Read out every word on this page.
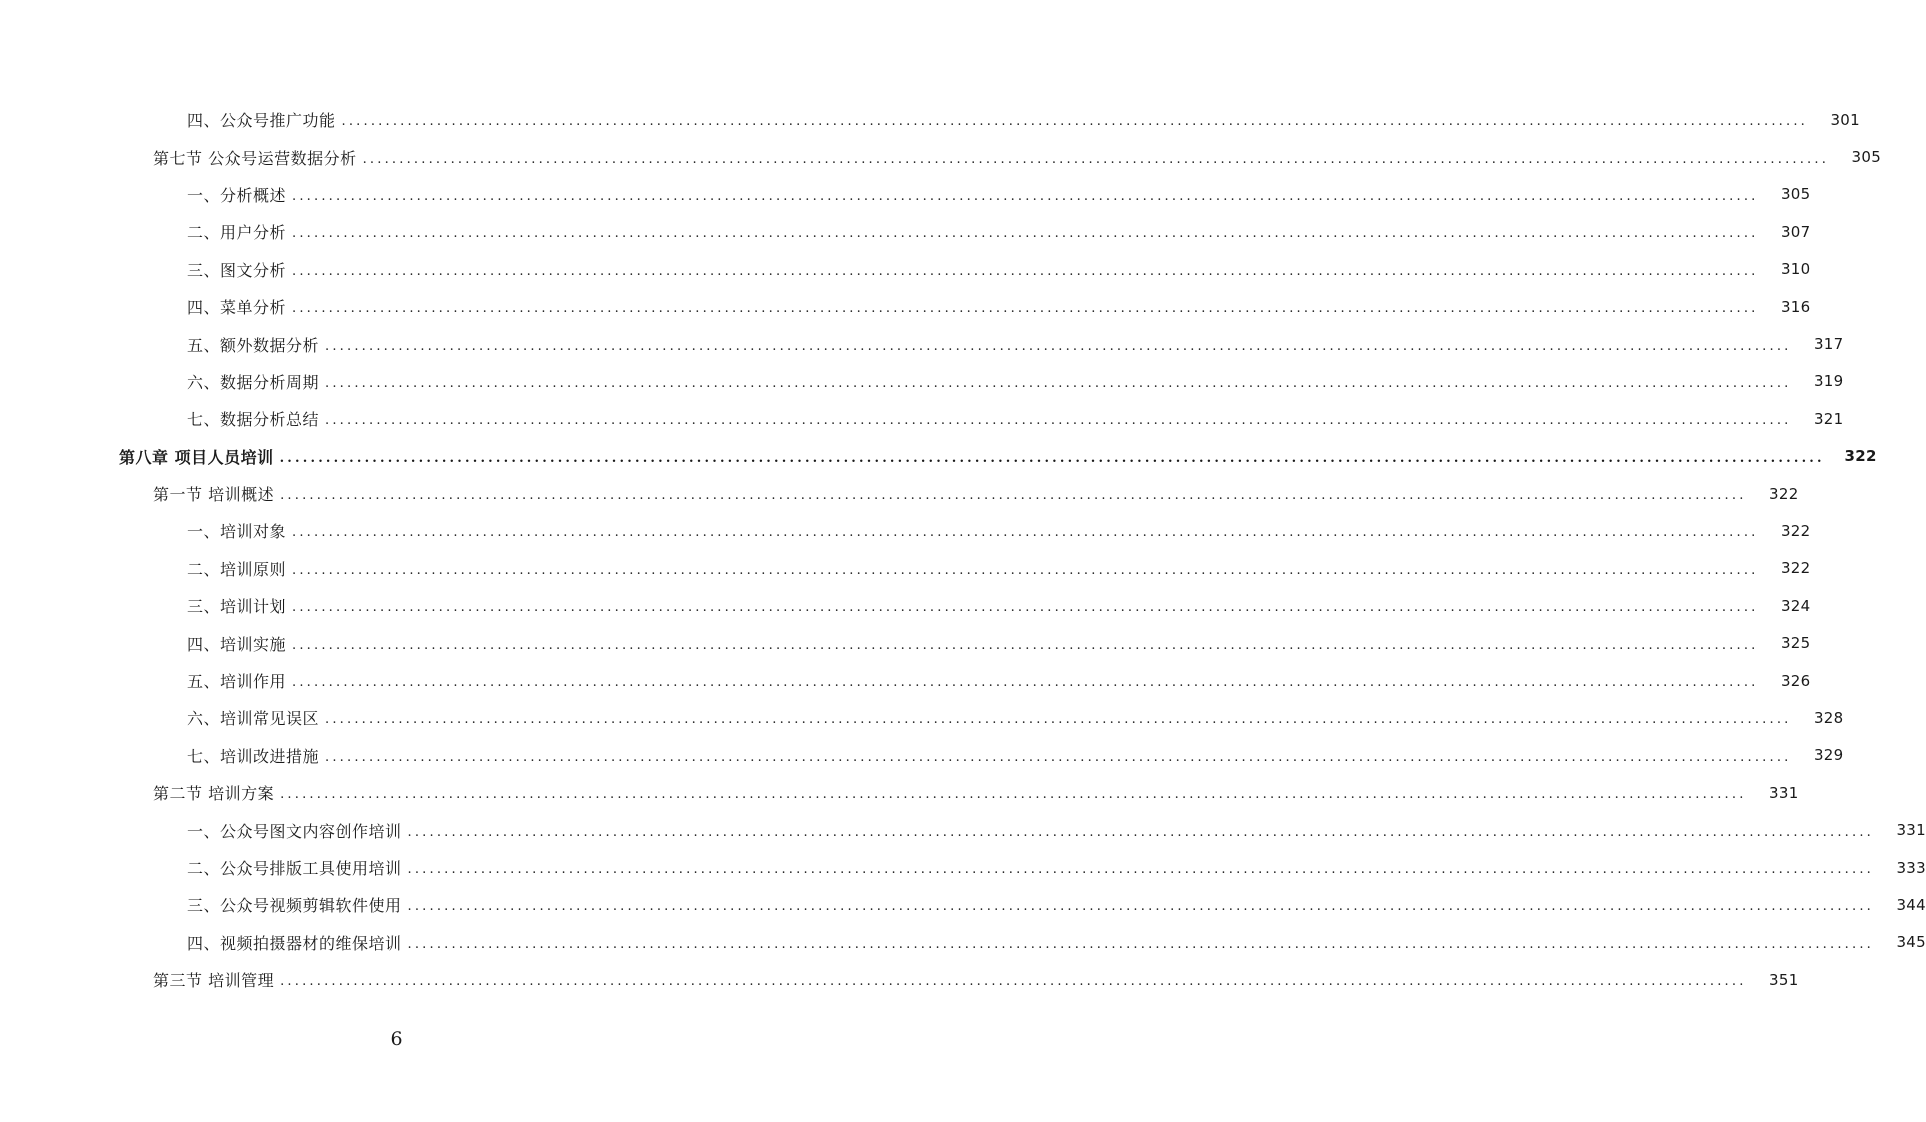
四、公众号推广功能 ........................................................................................................................................................................................................	301
第七节 公众号运营数据分析 ........................................................................................................................................................................................................	305
一、分析概述 ........................................................................................................................................................................................................	305
二、用户分析 ........................................................................................................................................................................................................	307
三、图文分析 ........................................................................................................................................................................................................	310
四、菜单分析 ........................................................................................................................................................................................................	316
五、额外数据分析 ........................................................................................................................................................................................................	317
六、数据分析周期 ........................................................................................................................................................................................................	319
七、数据分析总结 ........................................................................................................................................................................................................	321
第八章 项目人员培训 ........................................................................................................................................................................................................	322
第一节 培训概述 ........................................................................................................................................................................................................	322
一、培训对象 ........................................................................................................................................................................................................	322
二、培训原则 ........................................................................................................................................................................................................	322
三、培训计划 ........................................................................................................................................................................................................	324
四、培训实施 ........................................................................................................................................................................................................	325
五、培训作用 ........................................................................................................................................................................................................	326
六、培训常见误区 ........................................................................................................................................................................................................	328
七、培训改进措施 ........................................................................................................................................................................................................	329
第二节 培训方案 ........................................................................................................................................................................................................	331
一、公众号图文内容创作培训 ........................................................................................................................................................................................................	331
二、公众号排版工具使用培训 ........................................................................................................................................................................................................	333
三、公众号视频剪辑软件使用 ........................................................................................................................................................................................................	344
四、视频拍摄器材的维保培训 ........................................................................................................................................................................................................	345
第三节 培训管理 ........................................................................................................................................................................................................	351
6
